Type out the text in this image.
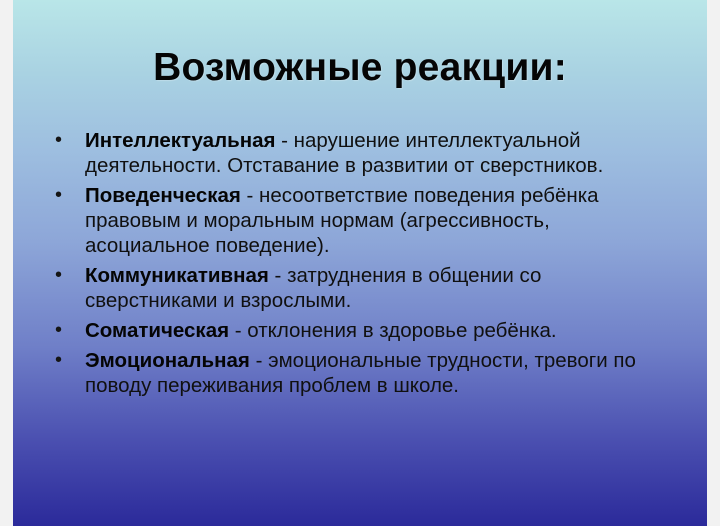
Возможные реакции:
• Интеллектуальная - нарушение интеллектуальной деятельности. Отставание в развитии от сверстников.
• Поведенческая - несоответствие поведения ребёнка правовым и моральным нормам (агрессивность, асоциальное поведение).
• Коммуникативная - затруднения в общении со сверстниками и взрослыми.
• Соматическая - отклонения в здоровье ребёнка.
• Эмоциональная - эмоциональные трудности, тревоги по поводу переживания проблем в школе.
